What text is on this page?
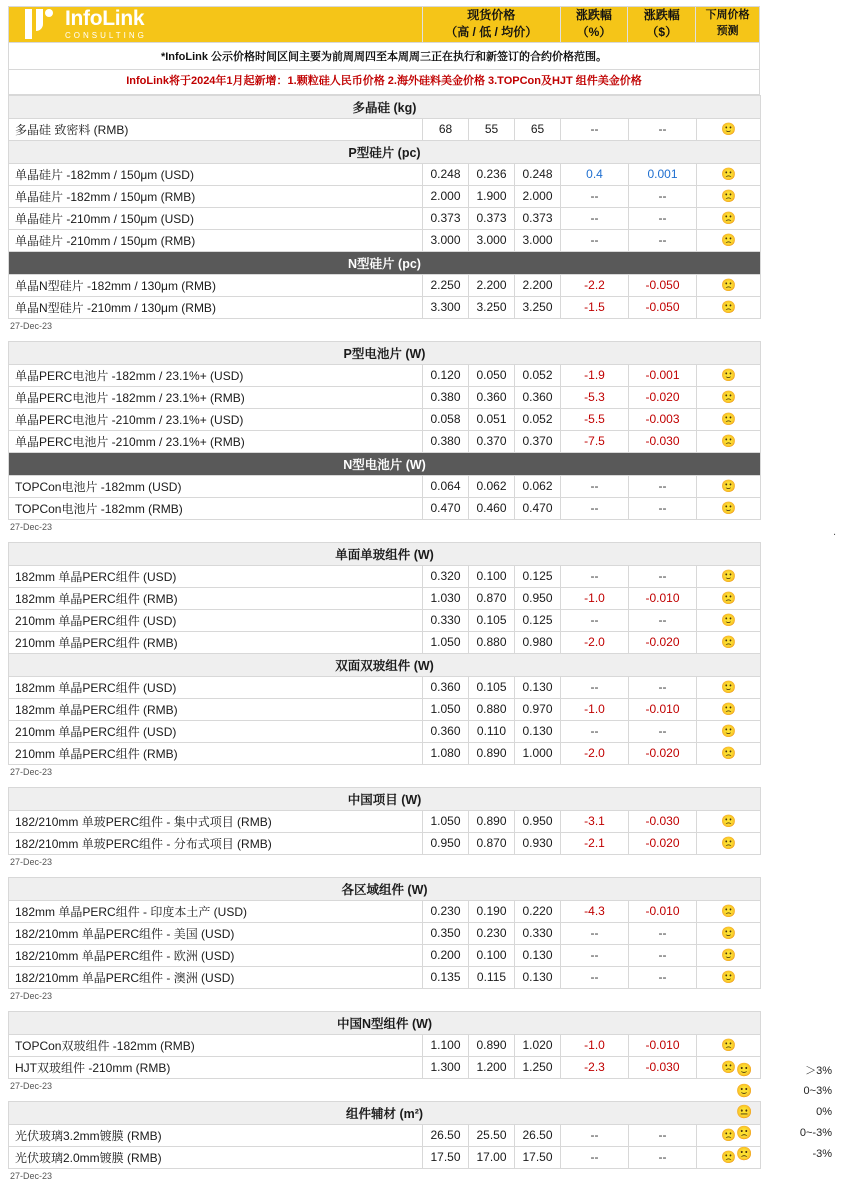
InfoLink
CONSULTING
现货价格
（高 / 低 / 均价）
涨跌幅
（%）
涨跌幅
（$）
下周价格
预测
*InfoLink 公示价格时间区间主要为前周周四至本周周三正在执行和新签订的合约价格范围。
InfoLink将于2024年1月起新增：1.颗粒硅人民币价格 2.海外硅料美金价格 3.TOPCon及HJT 组件美金价格
多晶硅 (kg)						
多晶硅 致密料 (RMB)	68	55	65	--	--	🙂
P型硅片 (pc)						
单晶硅片 -182mm / 150μm (USD)	0.248	0.236	0.248	0.4	0.001	🙁
单晶硅片 -182mm / 150μm (RMB)	2.000	1.900	2.000	--	--	🙁
单晶硅片 -210mm / 150μm (USD)	0.373	0.373	0.373	--	--	🙁
单晶硅片 -210mm / 150μm (RMB)	3.000	3.000	3.000	--	--	🙁
N型硅片 (pc)						
单晶N型硅片 -182mm / 130μm (RMB)	2.250	2.200	2.200	-2.2	-0.050	🙁
单晶N型硅片 -210mm / 130μm (RMB)	3.300	3.250	3.250	-1.5	-0.050	🙁
27-Dec-23
P型电池片 (W)						
单晶PERC电池片 -182mm / 23.1%+ (USD)	0.120	0.050	0.052	-1.9	-0.001	🙂
单晶PERC电池片 -182mm / 23.1%+ (RMB)	0.380	0.360	0.360	-5.3	-0.020	🙁
单晶PERC电池片 -210mm / 23.1%+ (USD)	0.058	0.051	0.052	-5.5	-0.003	🙁
单晶PERC电池片 -210mm / 23.1%+ (RMB)	0.380	0.370	0.370	-7.5	-0.030	🙁
N型电池片 (W)						
TOPCon电池片 -182mm (USD)	0.064	0.062	0.062	--	--	🙂
TOPCon电池片 -182mm (RMB)	0.470	0.460	0.470	--	--	🙂
27-Dec-23
单面单玻组件 (W)						
182mm 单晶PERC组件 (USD)	0.320	0.100	0.125	--	--	🙂
182mm 单晶PERC组件 (RMB)	1.030	0.870	0.950	-1.0	-0.010	🙁
210mm 单晶PERC组件 (USD)	0.330	0.105	0.125	--	--	🙂
210mm 单晶PERC组件 (RMB)	1.050	0.880	0.980	-2.0	-0.020	🙁
双面双玻组件 (W)						
182mm 单晶PERC组件 (USD)	0.360	0.105	0.130	--	--	🙂
182mm 单晶PERC组件 (RMB)	1.050	0.880	0.970	-1.0	-0.010	🙁
210mm 单晶PERC组件 (USD)	0.360	0.110	0.130	--	--	🙂
210mm 单晶PERC组件 (RMB)	1.080	0.890	1.000	-2.0	-0.020	🙁
27-Dec-23
中国项目 (W)						
182/210mm 单玻PERC组件 - 集中式项目 (RMB)	1.050	0.890	0.950	-3.1	-0.030	🙁
182/210mm 单玻PERC组件 - 分布式项目 (RMB)	0.950	0.870	0.930	-2.1	-0.020	🙁
27-Dec-23
各区域组件 (W)						
182mm 单晶PERC组件 - 印度本土产 (USD)	0.230	0.190	0.220	-4.3	-0.010	🙁
182/210mm 单晶PERC组件 - 美国 (USD)	0.350	0.230	0.330	--	--	🙂
182/210mm 单晶PERC组件 - 欧洲 (USD)	0.200	0.100	0.130	--	--	🙂
182/210mm 单晶PERC组件 - 澳洲 (USD)	0.135	0.115	0.130	--	--	🙂
27-Dec-23
中国N型组件 (W)						
TOPCon双玻组件 -182mm (RMB)	1.100	0.890	1.020	-1.0	-0.010	🙁
HJT双玻组件 -210mm (RMB)	1.300	1.200	1.250	-2.3	-0.030	🙁
27-Dec-23
组件辅材 (m²)						
光伏玻璃3.2mm镀膜 (RMB)	26.50	25.50	26.50	--	--	🙁
光伏玻璃2.0mm镀膜 (RMB)	17.50	17.00	17.50	--	--	🙁
27-Dec-23
🙂	＞3%
🙂	0~3%
😐	0%
🙁	0~-3%
🙁	-3%
.
